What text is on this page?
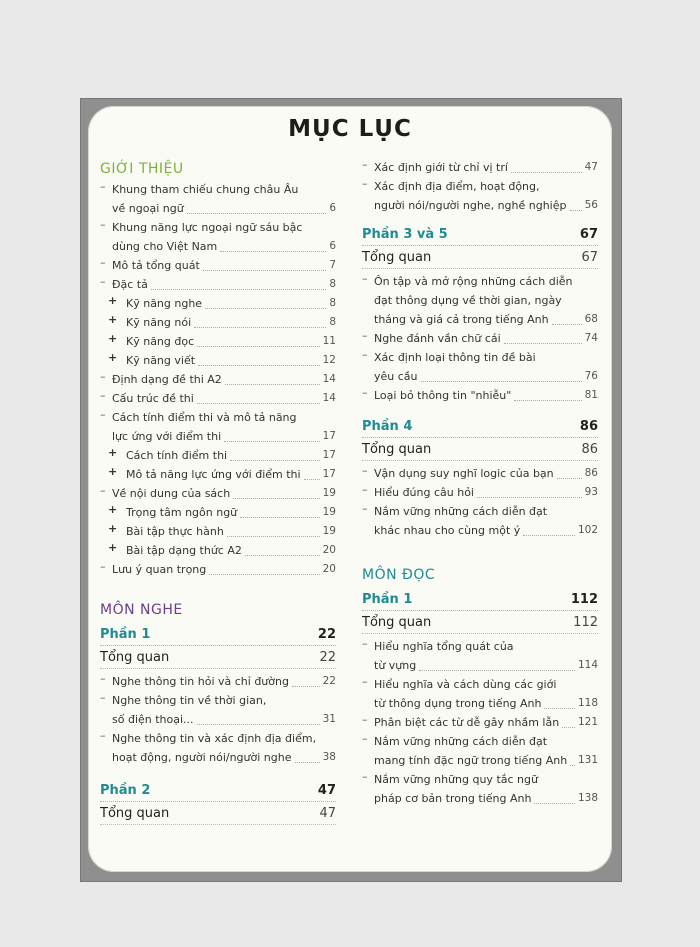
MỤC LỤC
GIỚI THIỆU
– Khung tham chiếu chung châu Âu
về ngoại ngữ	6
– Khung năng lực ngoại ngữ sáu bậc
dùng cho Việt Nam	6
– Mô tả tổng quát	7
– Đặc tả	8
+ Kỹ năng nghe	8
+ Kỹ năng nói	8
+ Kỹ năng đọc	11
+ Kỹ năng viết	12
– Định dạng đề thi A2	14
– Cấu trúc đề thi	14
– Cách tính điểm thi và mô tả năng
lực ứng với điểm thi	17
+ Cách tính điểm thi	17
+ Mô tả năng lực ứng với điểm thi 17
– Về nội dung của sách	19
+ Trọng tâm ngôn ngữ	19
+ Bài tập thực hành	19
+ Bài tập dạng thức A2	20
– Lưu ý quan trọng	20
MÔN NGHE
Phần 1	22
Tổng quan	22
– Nghe thông tin hỏi và chỉ đường	22
– Nghe thông tin về thời gian,
số điện thoại...	31
– Nghe thông tin và xác định địa điểm,
hoạt động, người nói/người nghe	38
Phần 2	47
Tổng quan	47
– Xác định giới từ chỉ vị trí	47
– Xác định địa điểm, hoạt động,
người nói/người nghe, nghề nghiệp 56
Phần 3 và 5	67
Tổng quan	67
– Ôn tập và mở rộng những cách diễn
đạt thông dụng về thời gian, ngày
tháng và giá cả trong tiếng Anh	68
– Nghe đánh vần chữ cái	74
– Xác định loại thông tin đề bài
yêu cầu	76
– Loại bỏ thông tin "nhiễu"	81
Phần 4	86
Tổng quan	86
– Vận dụng suy nghĩ logic của bạn	86
– Hiểu đúng câu hỏi	93
– Nắm vững những cách diễn đạt
khác nhau cho cùng một ý	102
MÔN ĐỌC
Phần 1	112
Tổng quan	112
– Hiểu nghĩa tổng quát của
từ vựng	114
– Hiểu nghĩa và cách dùng các giới
từ thông dụng trong tiếng Anh	118
– Phân biệt các từ dễ gây nhầm lẫn 121
– Nắm vững những cách diễn đạt
mang tính đặc ngữ trong tiếng Anh 131
– Nắm vững những quy tắc ngữ
pháp cơ bản trong tiếng Anh	138
